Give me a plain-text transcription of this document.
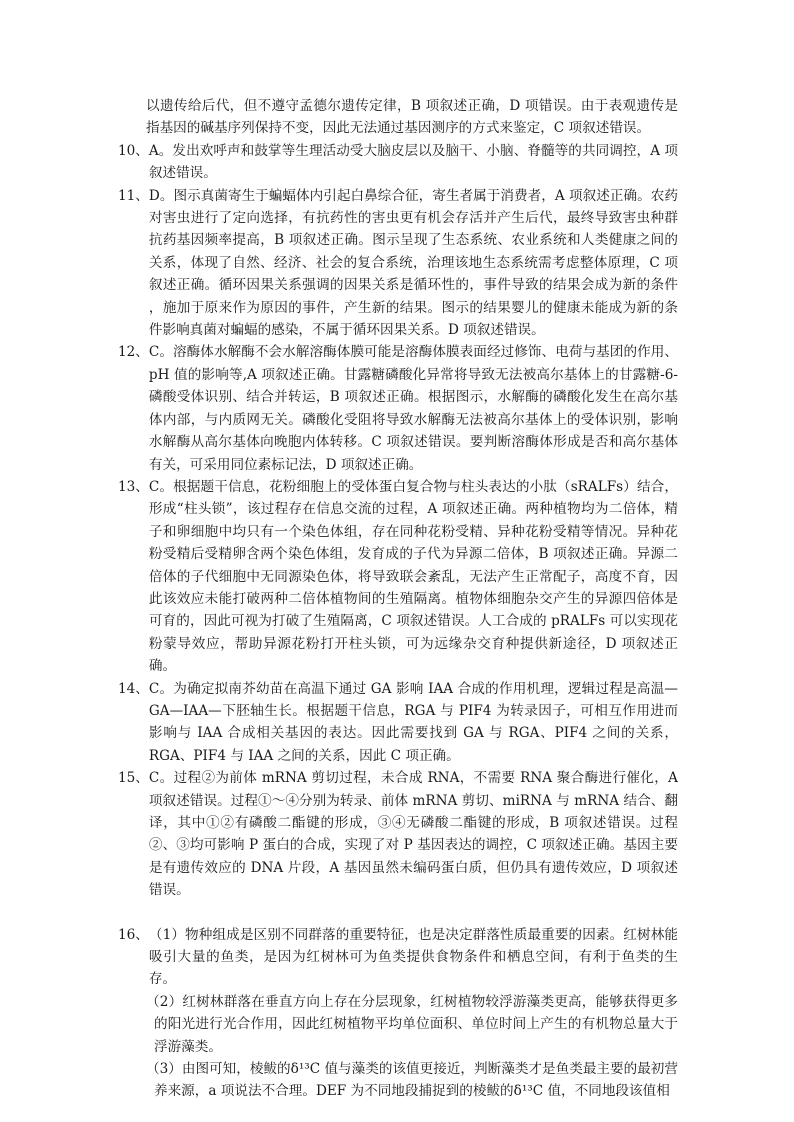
以遗传给后代，但不遵守孟德尔遗传定律，B 项叙述正确，D 项错误。由于表观遗传是指基因的碱基序列保持不变，因此无法通过基因测序的方式来鉴定，C 项叙述错误。
10、 A。发出欢呼声和鼓掌等生理活动受大脑皮层以及脑干、小脑、脊髓等的共同调控，A 项叙述错误。
11、 D。图示真菌寄生于蝙蝠体内引起白鼻综合征，寄生者属于消费者，A 项叙述正确。农药对害虫进行了定向选择，有抗药性的害虫更有机会存活并产生后代，最终导致害虫种群抗药基因频率提高，B 项叙述正确。图示呈现了生态系统、农业系统和人类健康之间的关系，体现了自然、经济、社会的复合系统，治理该地生态系统需考虑整体原理，C 项叙述正确。循环因果关系强调的因果关系是循环性的，事件导致的结果会成为新的条件 ，施加于原来作为原因的事件，产生新的结果。图示的结果婴儿的健康未能成为新的条件影响真菌对蝙蝠的感染，不属于循环因果关系。D 项叙述错误。
12、 C。溶酶体水解酶不会水解溶酶体膜可能是溶酶体膜表面经过修饰、电荷与基团的作用、pH 值的影响等,A 项叙述正确。甘露糖磷酸化异常将导致无法被高尔基体上的甘露糖-6-磷酸受体识别、结合并转运，B 项叙述正确。根据图示，水解酶的磷酸化发生在高尔基体内部，与内质网无关。磷酸化受阻将导致水解酶无法被高尔基体上的受体识别，影响水解酶从高尔基体向晚胞内体转移。C 项叙述错误。要判断溶酶体形成是否和高尔基体有关，可采用同位素标记法，D 项叙述正确。
13、 C。根据题干信息，花粉细胞上的受体蛋白复合物与柱头表达的小肽（sRALFs）结合，形成“柱头锁”，该过程存在信息交流的过程，A 项叙述正确。两种植物均为二倍体，精子和卵细胞中均只有一个染色体组，存在同种花粉受精、异种花粉受精等情况。异种花粉受精后受精卵含两个染色体组，发育成的子代为异源二倍体，B 项叙述正确。异源二倍体的子代细胞中无同源染色体，将导致联会紊乱，无法产生正常配子，高度不育，因此该效应未能打破两种二倍体植物间的生殖隔离。植物体细胞杂交产生的异源四倍体是可育的，因此可视为打破了生殖隔离，C 项叙述错误。人工合成的 pRALFs 可以实现花粉蒙导效应，帮助异源花粉打开柱头锁，可为远缘杂交育种提供新途径，D 项叙述正确。
14、 C。为确定拟南芥幼苗在高温下通过 GA 影响 IAA 合成的作用机理，逻辑过程是高温—GA—IAA—下胚轴生长。根据题干信息，RGA 与 PIF4 为转录因子，可相互作用进而影响与 IAA 合成相关基因的表达。因此需要找到 GA 与 RGA、PIF4 之间的关系，RGA、PIF4 与 IAA 之间的关系，因此 C 项正确。
15、 C。过程②为前体 mRNA 剪切过程，未合成 RNA，不需要 RNA 聚合酶进行催化，A 项叙述错误。过程①～④分别为转录、前体 mRNA 剪切、miRNA 与 mRNA 结合、翻译，其中①②有磷酸二酯键的形成，③④无磷酸二酯键的形成，B 项叙述错误。过程②、③均可影响 P 蛋白的合成，实现了对 P 基因表达的调控，C 项叙述正确。基因主要是有遗传效应的 DNA 片段，A 基因虽然未编码蛋白质，但仍具有遗传效应，D 项叙述错误。
16、 （1）物种组成是区别不同群落的重要特征，也是决定群落性质最重要的因素。红树林能吸引大量的鱼类，是因为红树林可为鱼类提供食物条件和栖息空间，有利于鱼类的生存。
（2）红树林群落在垂直方向上存在分层现象，红树植物较浮游藻类更高，能够获得更多的阳光进行光合作用，因此红树植物平均单位面积、单位时间上产生的有机物总量大于浮游藻类。
（3）由图可知，棱鲅的δ¹³C 值与藻类的该值更接近，判断藻类才是鱼类最主要的最初营养来源，a 项说法不合理。DEF 为不同地段捕捉到的棱鲅的δ¹³C 值，不同地段该值相
